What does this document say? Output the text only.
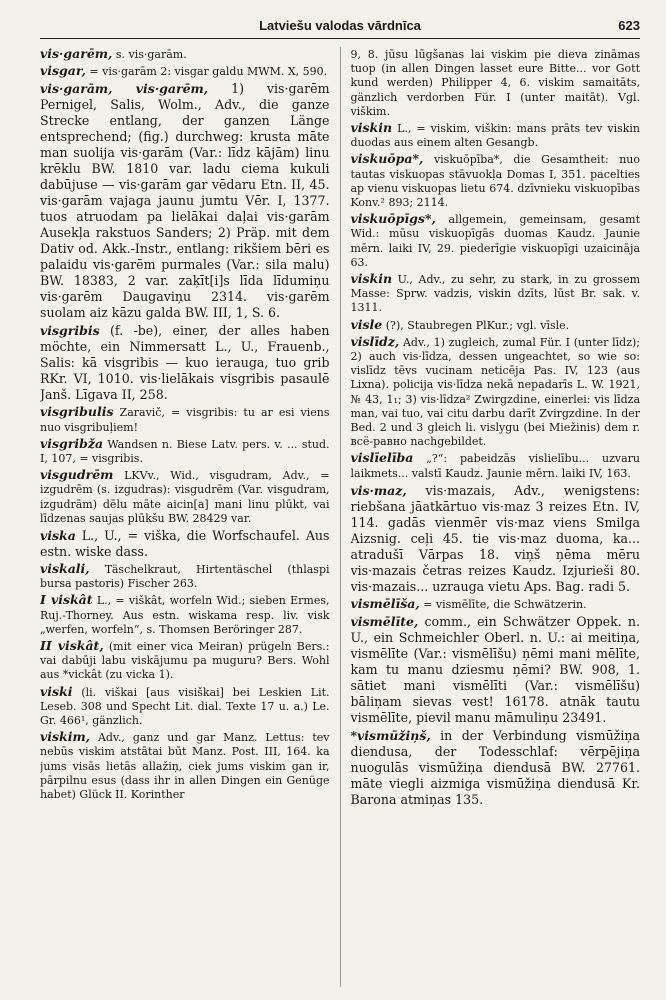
Latviešu valodas vārdnīca	623

vis·garēm, s. vis·garām.

visgar, = vis·garām 2: visgar galdu MWM. X, 590.

vis·garām, vis·garēm, 1) vis·garēm Pernigel, Salis, Wolm., Adv., die ganze Strecke entlang, der ganzen Länge entsprechend; (fig.) durchweg: krusta māte man suolija vis·garām (Var.: līdz kājām) linu krēklu BW. 1810 var. ladu ciema kukuli dabūjuse — vis·garām gar vēdaru Etn. II, 45. vis·garām vajaga jaunu jumtu Vēr. I, 1377. tuos atruodam pa lielākai daļai vis·garām Ausekļa rakstuos Sanders; 2) Präp. mit dem Dativ od. Akk.-Instr., entlang: rikšiem bēri es palaidu vis·garēm purmales (Var.: sila malu) BW. 18383, 2 var. zaķīt[i]s līda līdumiņu vis·garēm Daugaviņu 2314. vis·garēm suolam aiz kāzu galda BW. III, 1, S. 6.

visgribis (f. -be), einer, der alles haben möchte, ein Nimmersatt L., U., Frauenb., Salis: kā visgribis — kuo ierauga, tuo grib RKr. VI, 1010. vis·lielākais visgribis pasaulē Janš. Līgava II, 258.

visgribulis Zaravič, = visgribis: tu ar esi viens nuo visgribuļiem!

visgribža Wandsen n. Biese Latv. pers. v. ... stud. I, 107, = visgribis.

visgudrēm LKVv., Wid., visgudram, Adv., = izgudrēm (s. izgudras): visgudrēm (Var. visgudram, izgudrām) dēlu māte aicin[a] mani linu plūkt, vai līdzenas saujas plūkšu BW. 28429 var.

viska L., U., = viška, die Worfschaufel. Aus estn. wiske dass.

viskali, Täschelkraut, Hirtentäschel (thlaspi bursa pastoris) Fischer 263.

I viskât L., = viškât, worfeln Wid.; sieben Ermes, Ruj.-Thorney. Aus estn. wiskama resp. liv. visk „werfen, worfeln“, s. Thomsen Beröringer 287.

II viskât, (mit einer vica Meiran) prügeln Bers.: vai dabūji labu viskājumu pa muguru? Bers. Wohl aus *vickât (zu vicka 1).

viski (li. viškai [aus visiškai] bei Leskien Lit. Leseb. 308 und Specht Lit. dial. Texte 17 u. a.) Le. Gr. 466¹, gänzlich.

viskim, Adv., ganz und gar Manz. Lettus: tev nebūs viskim atstātai būt Manz. Post. III, 164. ka jums visās lietās allažiņ, ciek jums viskim gan ir, pārpilnu esus (dass ihr in allen Dingen ein Genüge habet) Glück II. Korinther

9, 8. jūsu lūgšanas lai viskim pie dieva zināmas tuop (in allen Dingen lasset eure Bitte... vor Gott kund werden) Philipper 4, 6. viskim samaitāts, gänzlich verdorben Für. I (unter maitāt). Vgl. viškim.

viskin L., = viskim, viškin: mans prāts tev viskin duodas aus einem alten Gesangb.

viskuōpa*, viskuōpība*, die Gesamtheit: nuo tautas viskuopas stāvuokļa Domas I, 351. pacelties ap vienu viskuopas lietu 674. dzīvnieku viskuopības Konv.² 893; 2114.

viskuōpīgs*, allgemein, gemeinsam, gesamt Wid.: mūsu viskuopīgās duomas Kaudz. Jaunie mērn. laiki IV, 29. piederīgie viskuopīgi uzaicināja 63.

viskin U., Adv., zu sehr, zu stark, in zu grossem Masse: Sprw. vadzis, viskin dzīts, lūst Br. sak. v. 1311.

visle (?), Staubregen PlKur.; vgl. vīsle.

vislīdz, Adv., 1) zugleich, zumal Für. I (unter līdz); 2) auch vis·līdza, dessen ungeachtet, so wie so: vislīdz tēvs vucinam neticēja Pas. IV, 123 (aus Lixna). policija vis·līdza nekā nepadarīs L. W. 1921, № 43, 1₁; 3) vis·līdza² Zwirgzdine, einerlei: vis līdza man, vai tuo, vai citu darbu darīt Zvirgzdine. In der Bed. 2 und 3 gleich li. vislygu (bei Miežinis) dem r. всё-равно nachgebildet.

vislīelība „?“: pabeidzās vislielību... uzvaru laikmets... valstī Kaudz. Jaunie mērn. laiki IV, 163.

vis·maz, vis·mazais, Adv., wenigstens: riebšana jāatkārtuo vis·maz 3 reizes Etn. IV, 114. gadās vienmēr vis·maz viens Smilga Aizsnig. ceļi 45. tie vis·maz duoma, ka... atradušī Vārpas 18. viņš ņēma mēru vis·mazais četras reizes Kaudz. Izjurieši 80. vis·mazais... uzrauga vietu Aps. Bag. radi 5.

vismēlīša, = vismēlīte, die Schwätzerin.

vismēlīte, comm., ein Schwätzer Oppek. n. U., ein Schmeichler Oberl. n. U.: ai meitiņa, vismēlīte (Var.: vismēlīšu) ņēmi mani mēlīte, kam tu manu dziesmu ņēmi? BW. 908, 1. sātiet mani vismēlīti (Var.: vismēlīšu) bāliņam sievas vest! 16178. atnāk tautu vismēlīte, pievil manu māmuliņu 23491.

*vismūžiņš, in der Verbindung vismūžiņa diendusa, der Todesschlaf: vērpējiņa nuogulās vismūžiņa diendusā BW. 27761. māte viegli aizmiga vismūžiņa diendusā Kr. Barona atmiņas 135.
